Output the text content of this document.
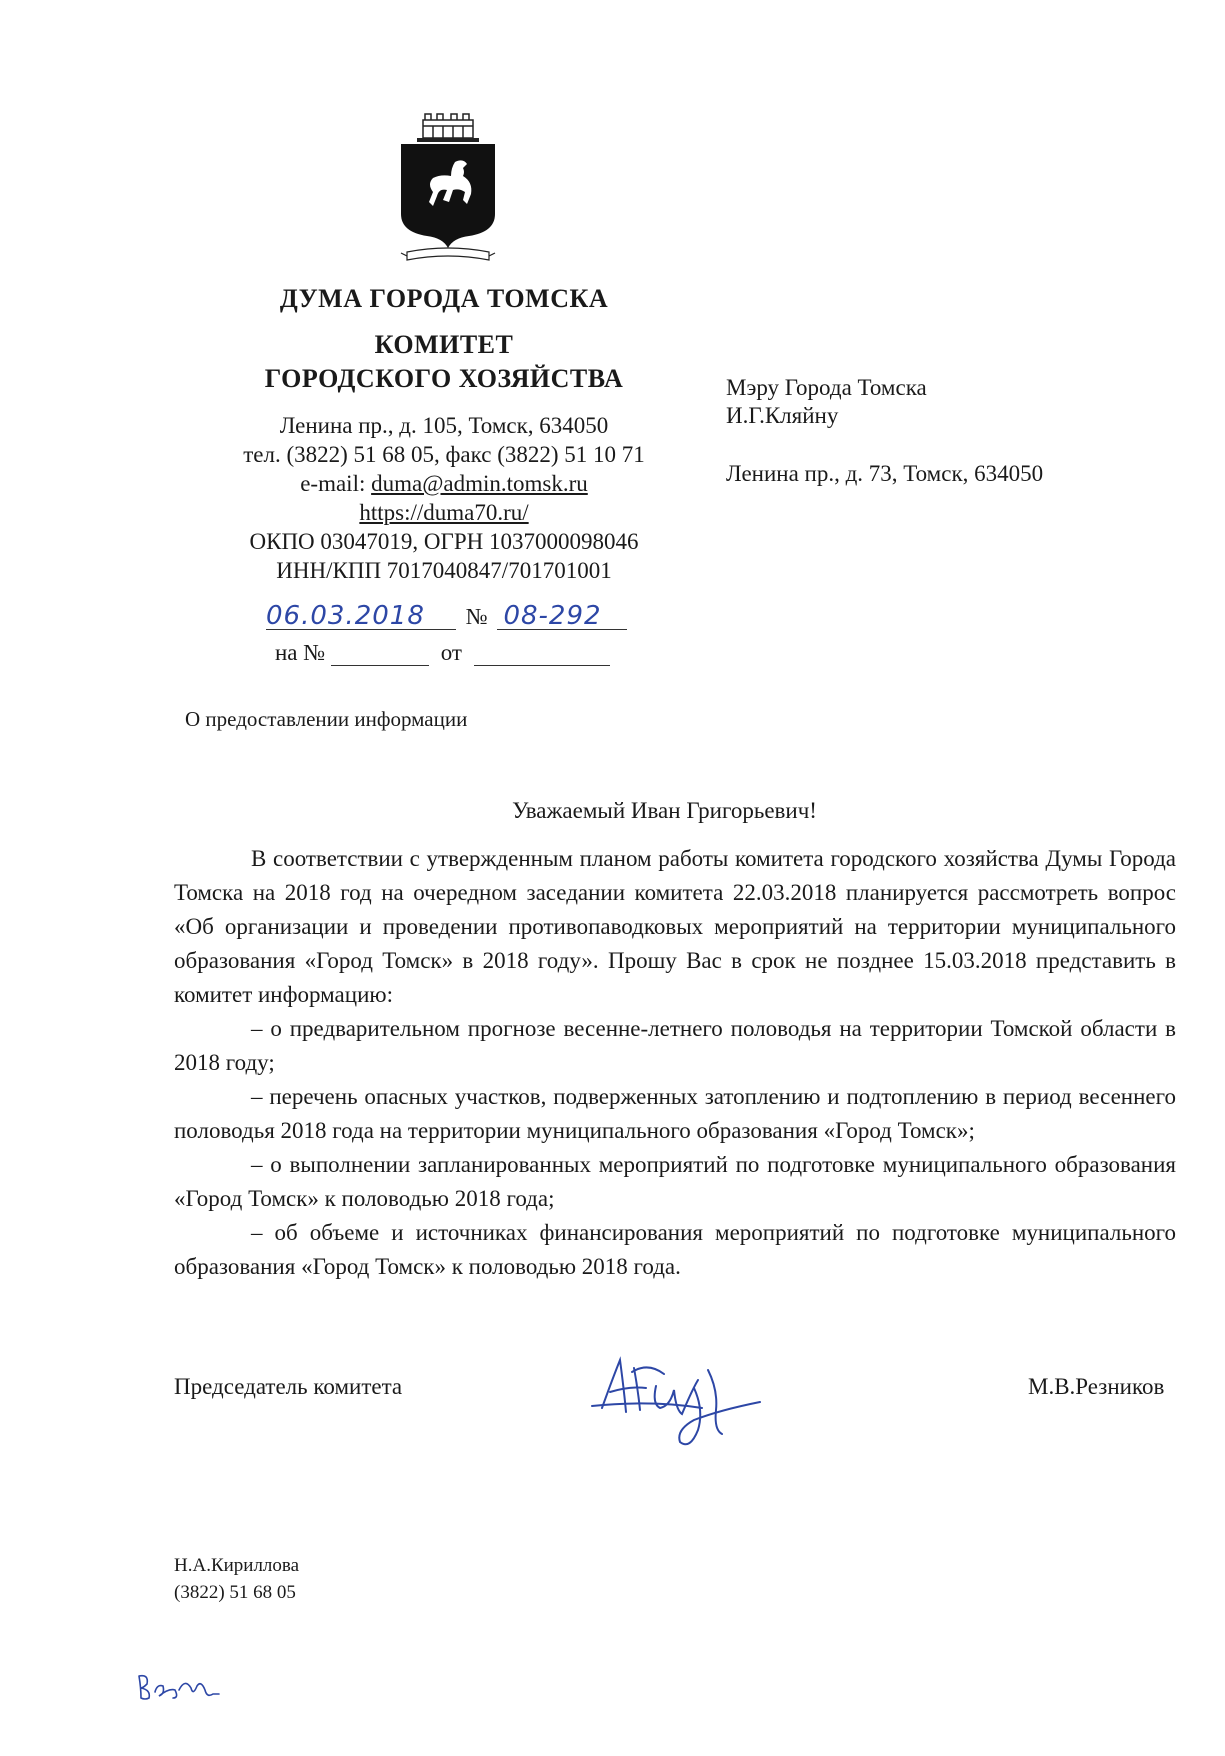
ДУМА ГОРОДА ТОМСКА
КОМИТЕТ
ГОРОДСКОГО ХОЗЯЙСТВА
Ленина пр., д. 105, Томск, 634050
тел. (3822) 51 68 05, факс (3822) 51 10 71
e-mail: duma@admin.tomsk.ru
https://duma70.ru/
ОКПО 03047019, ОГРН 1037000098046
ИНН/КПП 7017040847/701701001
06.03.2018 № 08-292
на №	от
Мэру Города Томска
И.Г.Кляйну
Ленина пр., д. 73, Томск, 634050
О предоставлении информации
Уважаемый Иван Григорьевич!

В соответствии с утвержденным планом работы комитета городского хозяйства Думы Города Томска на 2018 год на очередном заседании комитета 22.03.2018 планируется рассмотреть вопрос «Об организации и проведении противопаводковых мероприятий на территории муниципального образования «Город Томск» в 2018 году». Прошу Вас в срок не позднее 15.03.2018 представить в комитет информацию:

– о предварительном прогнозе весенне-летнего половодья на территории Томской области в 2018 году;

– перечень опасных участков, подверженных затоплению и подтоплению в период весеннего половодья 2018 года на территории муниципального образования «Город Томск»;

– о выполнении запланированных мероприятий по подготовке муниципального образования «Город Томск» к половодью 2018 года;

– об объеме и источниках финансирования мероприятий по подготовке муниципального образования «Город Томск» к половодью 2018 года.

Председатель комитета	М.В.Резников
Н.А.Кириллова
(3822) 51 68 05
